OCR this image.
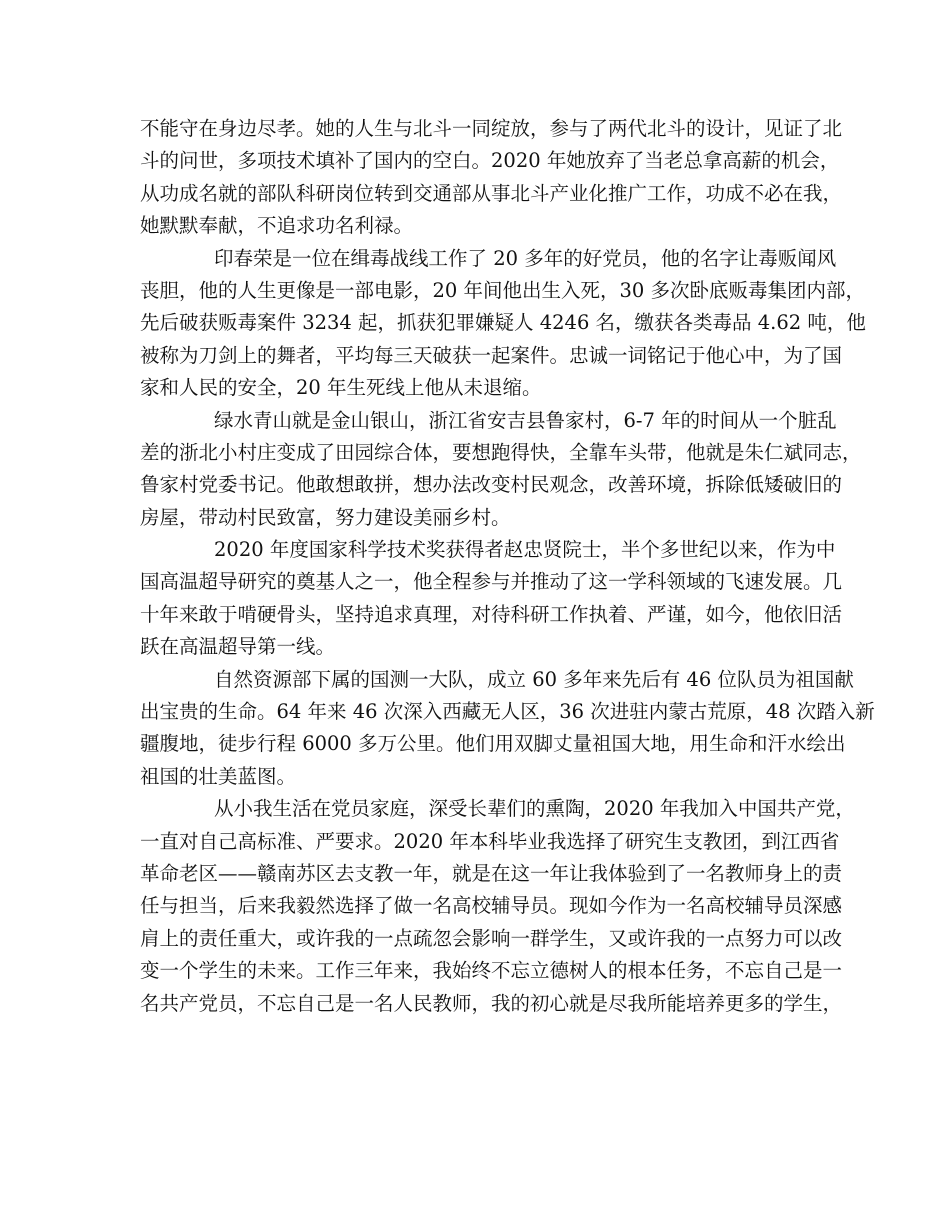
不能守在身边尽孝。她的人生与北斗一同绽放，参与了两代北斗的设计，见证了北
斗的问世，多项技术填补了国内的空白。2020 年她放弃了当老总拿高薪的机会，
从功成名就的部队科研岗位转到交通部从事北斗产业化推广工作，功成不必在我，
她默默奉献，不追求功名利禄。
印春荣是一位在缉毒战线工作了 20 多年的好党员，他的名字让毒贩闻风
丧胆，他的人生更像是一部电影，20 年间他出生入死，30 多次卧底贩毒集团内部，
先后破获贩毒案件 3234 起，抓获犯罪嫌疑人 4246 名，缴获各类毒品 4.62 吨，他
被称为刀剑上的舞者，平均每三天破获一起案件。忠诚一词铭记于他心中，为了国
家和人民的安全，20 年生死线上他从未退缩。
绿水青山就是金山银山，浙江省安吉县鲁家村，6-7 年的时间从一个脏乱
差的浙北小村庄变成了田园综合体，要想跑得快，全靠车头带，他就是朱仁斌同志，
鲁家村党委书记。他敢想敢拼，想办法改变村民观念，改善环境，拆除低矮破旧的
房屋，带动村民致富，努力建设美丽乡村。
2020 年度国家科学技术奖获得者赵忠贤院士，半个多世纪以来，作为中
国高温超导研究的奠基人之一，他全程参与并推动了这一学科领域的飞速发展。几
十年来敢于啃硬骨头，坚持追求真理，对待科研工作执着、严谨，如今，他依旧活
跃在高温超导第一线。
自然资源部下属的国测一大队，成立 60 多年来先后有 46 位队员为祖国献
出宝贵的生命。64 年来 46 次深入西藏无人区，36 次进驻内蒙古荒原，48 次踏入新
疆腹地，徒步行程 6000 多万公里。他们用双脚丈量祖国大地，用生命和汗水绘出
祖国的壮美蓝图。
从小我生活在党员家庭，深受长辈们的熏陶，2020 年我加入中国共产党，
一直对自己高标准、严要求。2020 年本科毕业我选择了研究生支教团，到江西省
革命老区——赣南苏区去支教一年，就是在这一年让我体验到了一名教师身上的责
任与担当，后来我毅然选择了做一名高校辅导员。现如今作为一名高校辅导员深感
肩上的责任重大，或许我的一点疏忽会影响一群学生，又或许我的一点努力可以改
变一个学生的未来。工作三年来，我始终不忘立德树人的根本任务，不忘自己是一
名共产党员，不忘自己是一名人民教师，我的初心就是尽我所能培养更多的学生，
